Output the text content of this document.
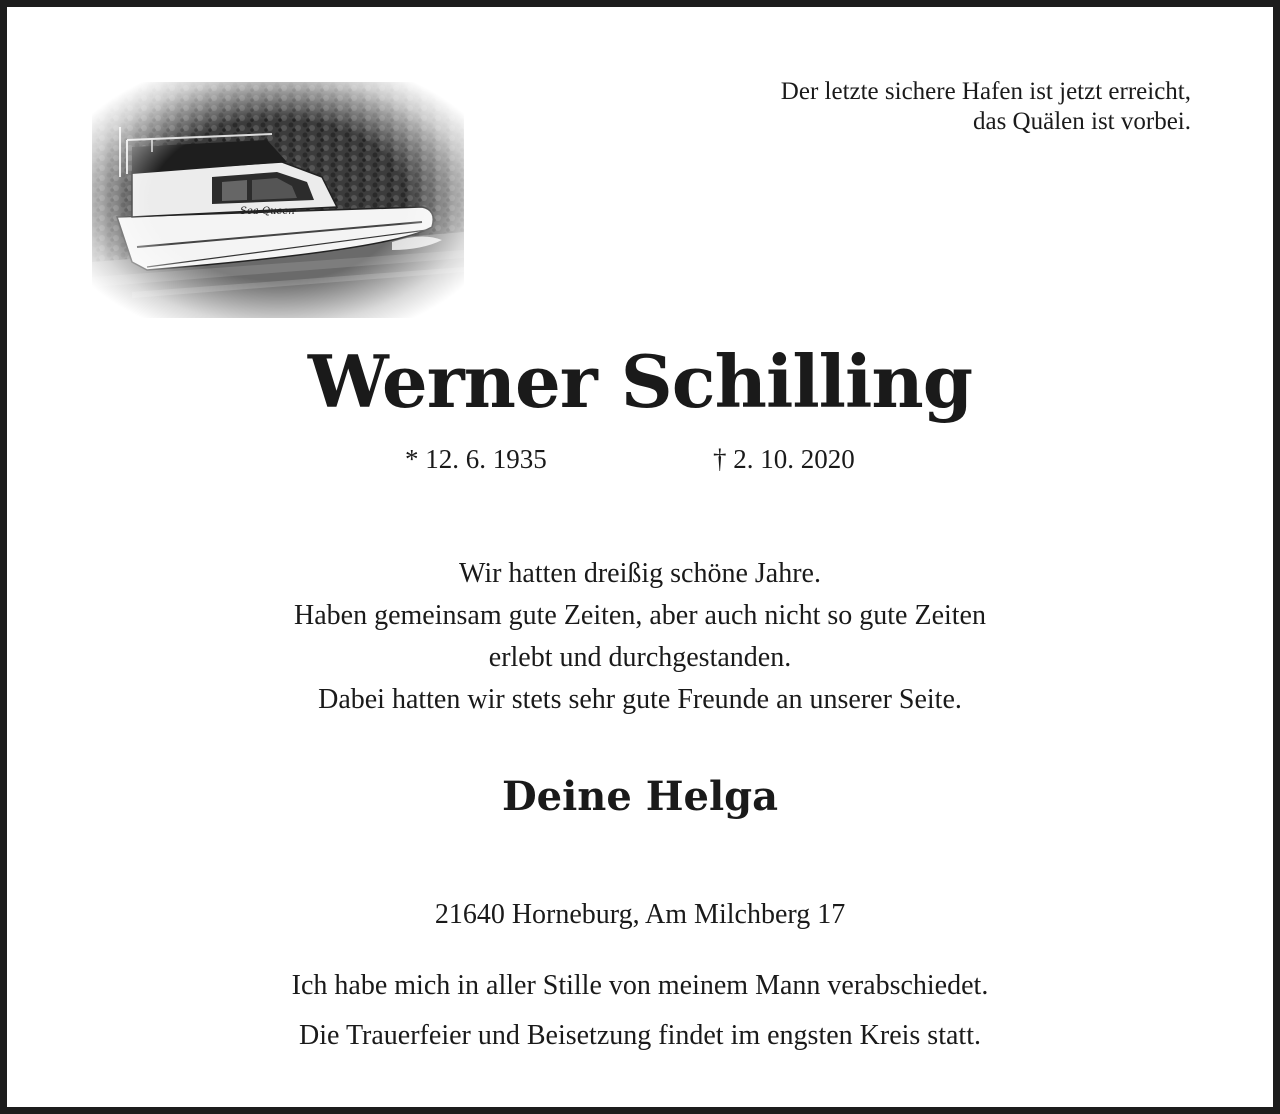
Der letzte sichere Hafen ist jetzt erreicht,
das Quälen ist vorbei.
Werner Schilling
* 12. 6. 1935	† 2. 10. 2020
Wir hatten dreißig schöne Jahre.
Haben gemeinsam gute Zeiten, aber auch nicht so gute Zeiten
erlebt und durchgestanden.
Dabei hatten wir stets sehr gute Freunde an unserer Seite.
Deine Helga
21640 Horneburg, Am Milchberg 17
Ich habe mich in aller Stille von meinem Mann verabschiedet.
Die Trauerfeier und Beisetzung findet im engsten Kreis statt.
